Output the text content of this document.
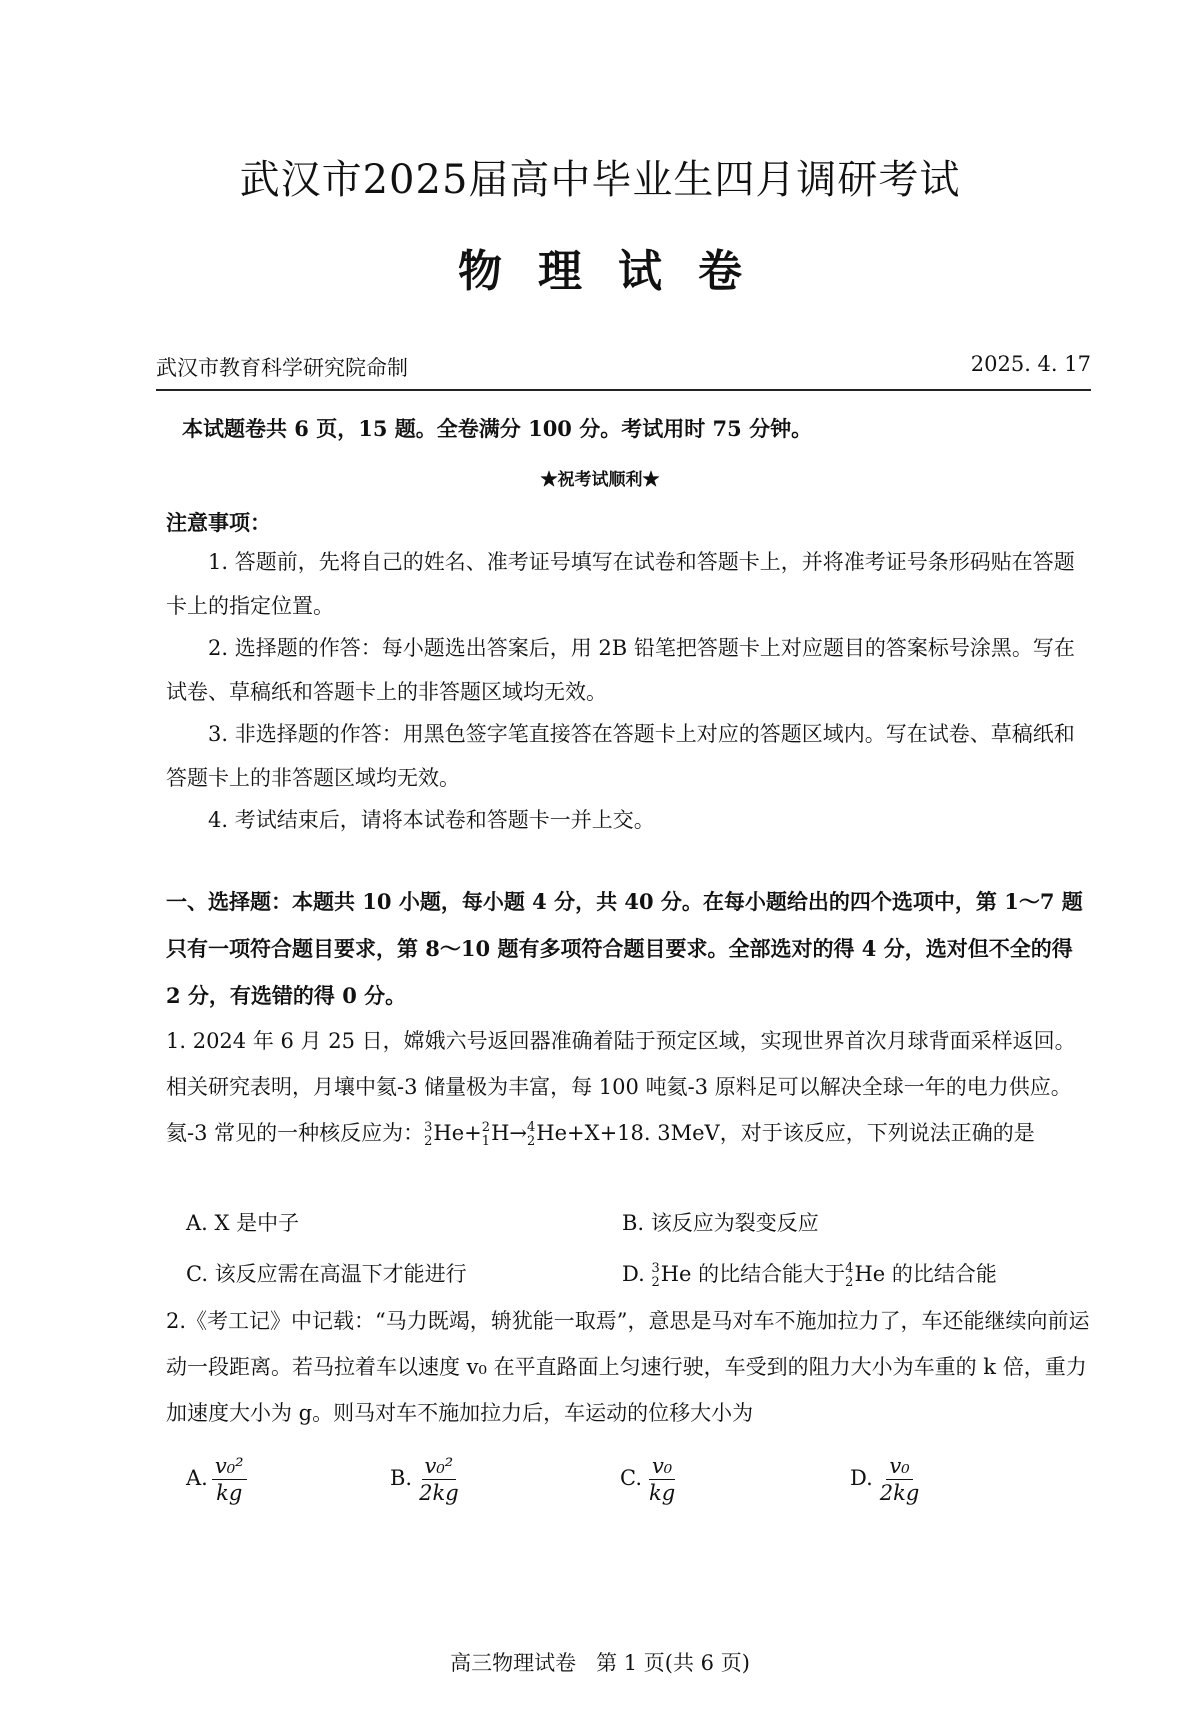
武汉市2025届高中毕业生四月调研考试
物理试卷
武汉市教育科学研究院命制	2025. 4. 17
本试题卷共 6 页，15 题。全卷满分 100 分。考试用时 75 分钟。
★祝考试顺利★
注意事项：
1. 答题前，先将自己的姓名、准考证号填写在试卷和答题卡上，并将准考证号条形码贴在答题卡上的指定位置。
2. 选择题的作答：每小题选出答案后，用 2B 铅笔把答题卡上对应题目的答案标号涂黑。写在试卷、草稿纸和答题卡上的非答题区域均无效。
3. 非选择题的作答：用黑色签字笔直接答在答题卡上对应的答题区域内。写在试卷、草稿纸和答题卡上的非答题区域均无效。
4. 考试结束后，请将本试卷和答题卡一并上交。
一、选择题：本题共 10 小题，每小题 4 分，共 40 分。在每小题给出的四个选项中，第 1～7 题只有一项符合题目要求，第 8～10 题有多项符合题目要求。全部选对的得 4 分，选对但不全的得 2 分，有选错的得 0 分。
1. 2024 年 6 月 25 日，嫦娥六号返回器准确着陆于预定区域，实现世界首次月球背面采样返回。相关研究表明，月壤中氦-3 储量极为丰富，每 100 吨氦-3 原料足可以解决全球一年的电力供应。氦-3 常见的一种核反应为： 3
2 He+ 2
1 H→ 4
2 He+X+18. 3MeV，对于该反应，下列说法正确的是
A. X 是中子	B. 该反应为裂变反应
C. 该反应需在高温下才能进行	D. 3
2 He 的比结合能大于 4
2 He 的比结合能
2.《考工记》中记载：“马力既竭，辀犹能一取焉”，意思是马对车不施加拉力了，车还能继续向前运动一段距离。若马拉着车以速度 v₀ 在平直路面上匀速行驶，车受到的阻力大小为车重的 k 倍，重力加速度大小为 g。则马对车不施加拉力后，车运动的位移大小为
A. $\frac{\text{v₀²}}{kg}$	B. $\frac{\text{v₀²}}{2kg}$	C. $\frac{\text{v₀}}{kg}$	D. $\frac{\text{v₀}}{2kg}$
高三物理试卷 第 1 页(共 6 页)
